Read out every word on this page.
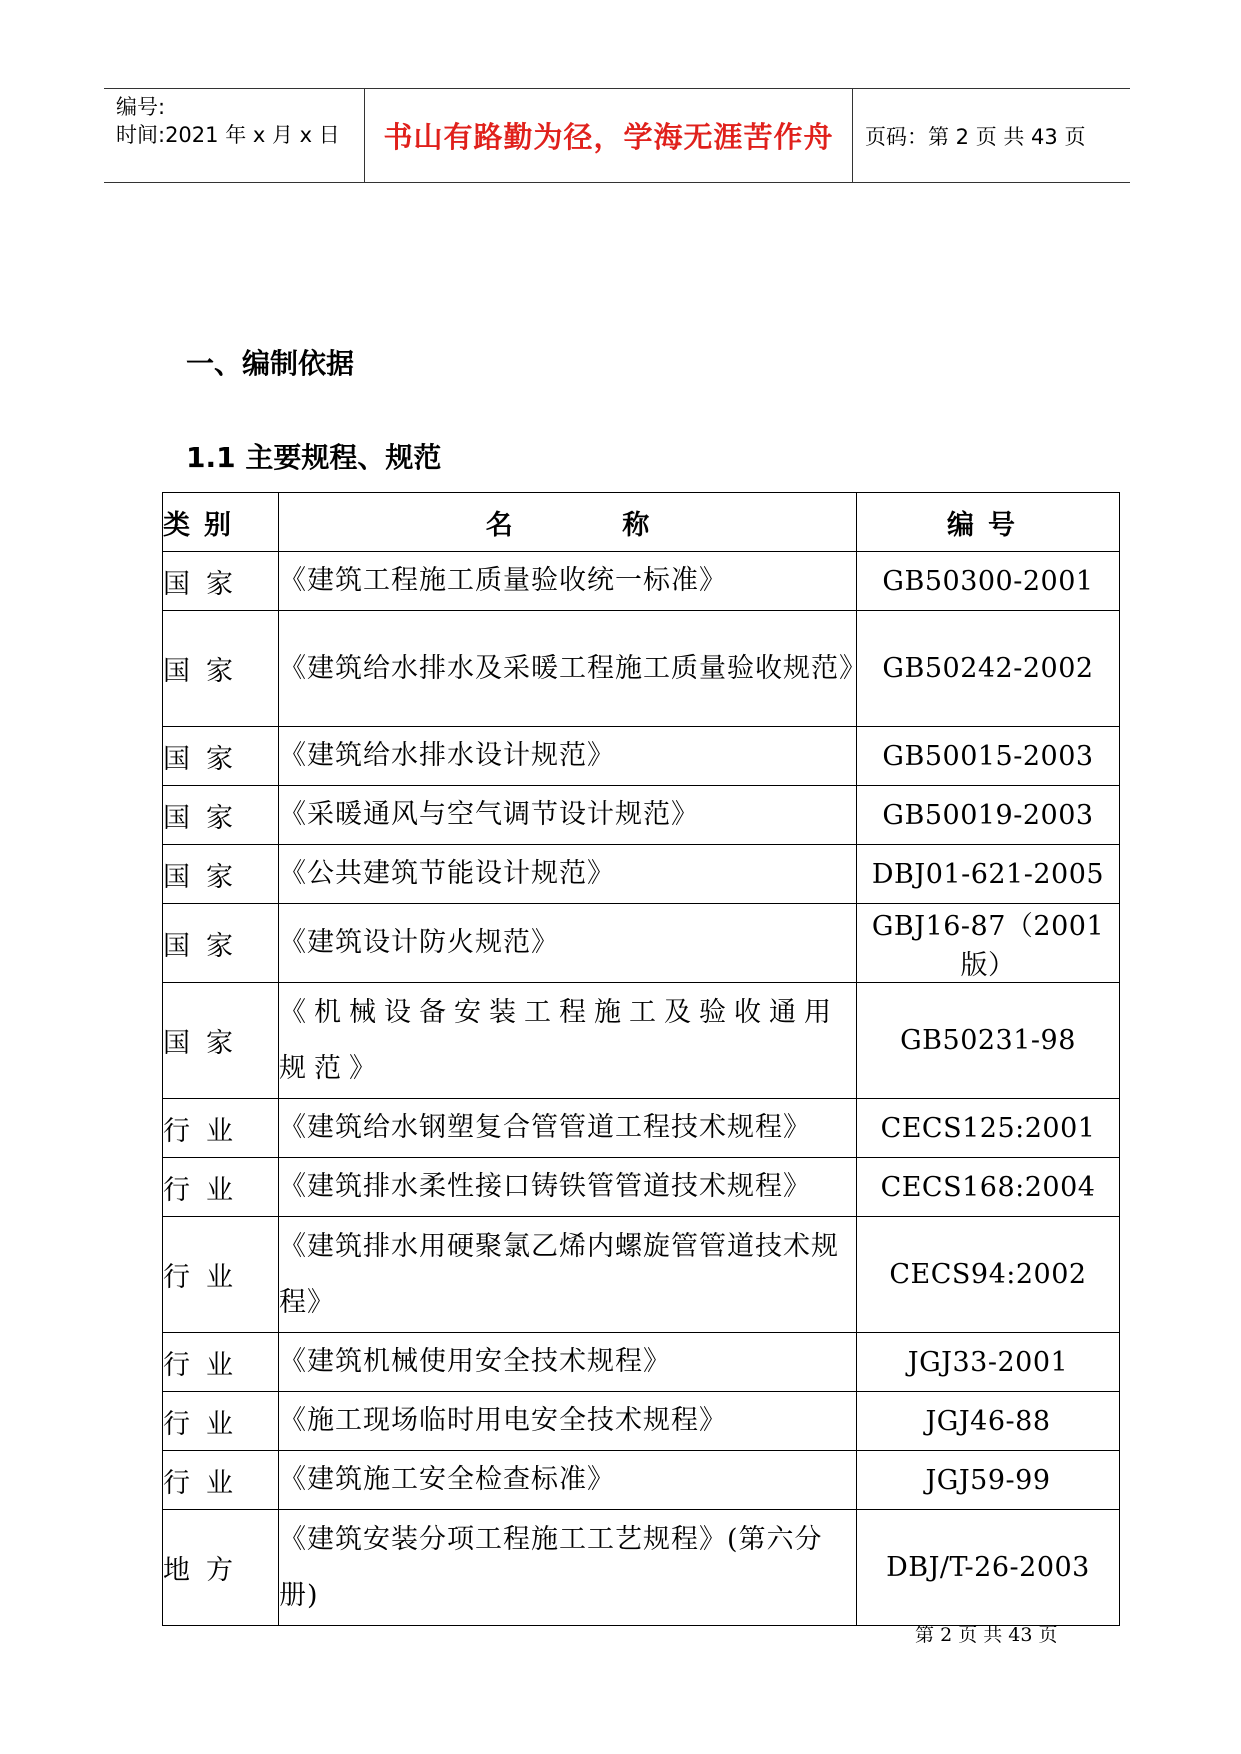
编号:
时间:2021 年 x 月 x 日	书山有路勤为径，学海无涯苦作舟 页码：第 2 页 共 43 页
一、编制依据
1.1 主要规程、规范
类别	名 称	编号
国家	《建筑工程施工质量验收统一标准》	GB50300-2001
国家	《建筑给水排水及采暖工程施工质量验收规范》	GB50242-2002
国家	《建筑给水排水设计规范》	GB50015-2003
国家	《采暖通风与空气调节设计规范》	GB50019-2003
国家	《公共建筑节能设计规范》	DBJ01-621-2005
国家	《建筑设计防火规范》	GBJ16-87（2001版）
国家	《机械设备安装工程施工及验收通用规范》	GB50231-98
行业	《建筑给水钢塑复合管管道工程技术规程》	CECS125:2001
行业	《建筑排水柔性接口铸铁管管道技术规程》	CECS168:2004
行业	《建筑排水用硬聚氯乙烯内螺旋管管道技术规程》	CECS94:2002
行业	《建筑机械使用安全技术规程》	JGJ33-2001
行业	《施工现场临时用电安全技术规程》	JGJ46-88
行业	《建筑施工安全检查标准》	JGJ59-99
地方	《建筑安装分项工程施工工艺规程》(第六分册)	DBJ/T-26-2003
第 2 页 共 43 页
